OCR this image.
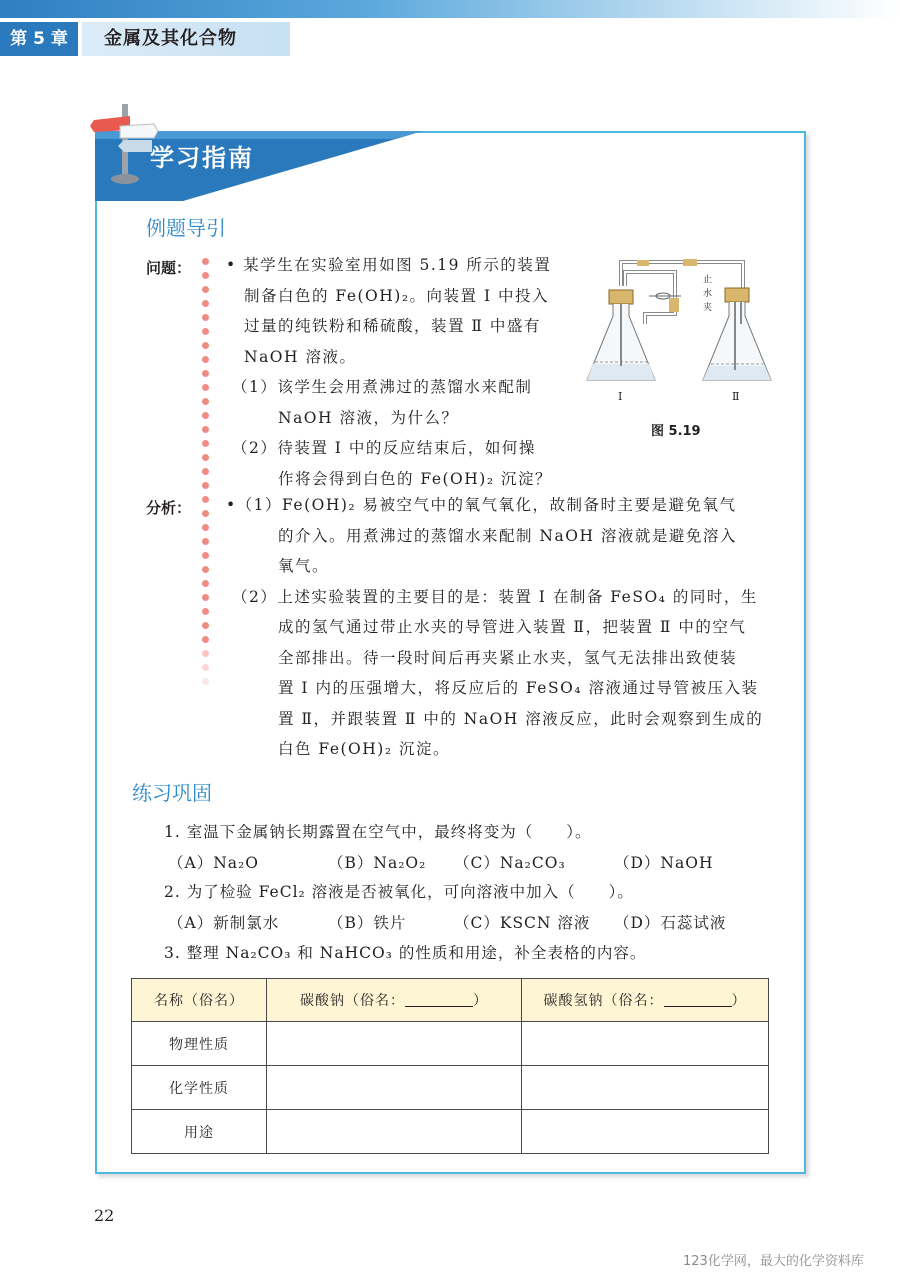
第 5 章	金属及其化合物
学习指南
例题导引
问题：
分析：
• 某学生在实验室用如图 5.19 所示的装置
制备白色的 Fe(OH)₂。向装置 Ⅰ 中投入
过量的纯铁粉和稀硫酸，装置 Ⅱ 中盛有
NaOH 溶液。
（1）该学生会用煮沸过的蒸馏水来配制
NaOH 溶液，为什么？
（2）待装置 Ⅰ 中的反应结束后，如何操
作将会得到白色的 Fe(OH)₂ 沉淀？
止
水
夹
Ⅰ	Ⅱ
图 5.19
•（1）Fe(OH)₂ 易被空气中的氧气氧化，故制备时主要是避免氧气
的介入。用煮沸过的蒸馏水来配制 NaOH 溶液就是避免溶入
氧气。
（2）上述实验装置的主要目的是：装置 Ⅰ 在制备 FeSO₄ 的同时，生
成的氢气通过带止水夹的导管进入装置 Ⅱ，把装置 Ⅱ 中的空气
全部排出。待一段时间后再夹紧止水夹，氢气无法排出致使装
置 Ⅰ 内的压强增大，将反应后的 FeSO₄ 溶液通过导管被压入装
置 Ⅱ，并跟装置 Ⅱ 中的 NaOH 溶液反应，此时会观察到生成的
白色 Fe(OH)₂ 沉淀。
练习巩固
1. 室温下金属钠长期露置在空气中，最终将变为（　　）。
（A）Na₂O	（B）Na₂O₂ （C）Na₂CO₃	（D）NaOH
2. 为了检验 FeCl₂ 溶液是否被氧化，可向溶液中加入（　　）。
（A）新制氯水	（B）铁片	（C）KSCN 溶液 （D）石蕊试液
3. 整理 Na₂CO₃ 和 NaHCO₃ 的性质和用途，补全表格的内容。
名称（俗名）	碳酸钠（俗名： ）	碳酸氢钠（俗名： ）
物理性质		
化学性质		
用途		
22
123化学网，最大的化学资料库
